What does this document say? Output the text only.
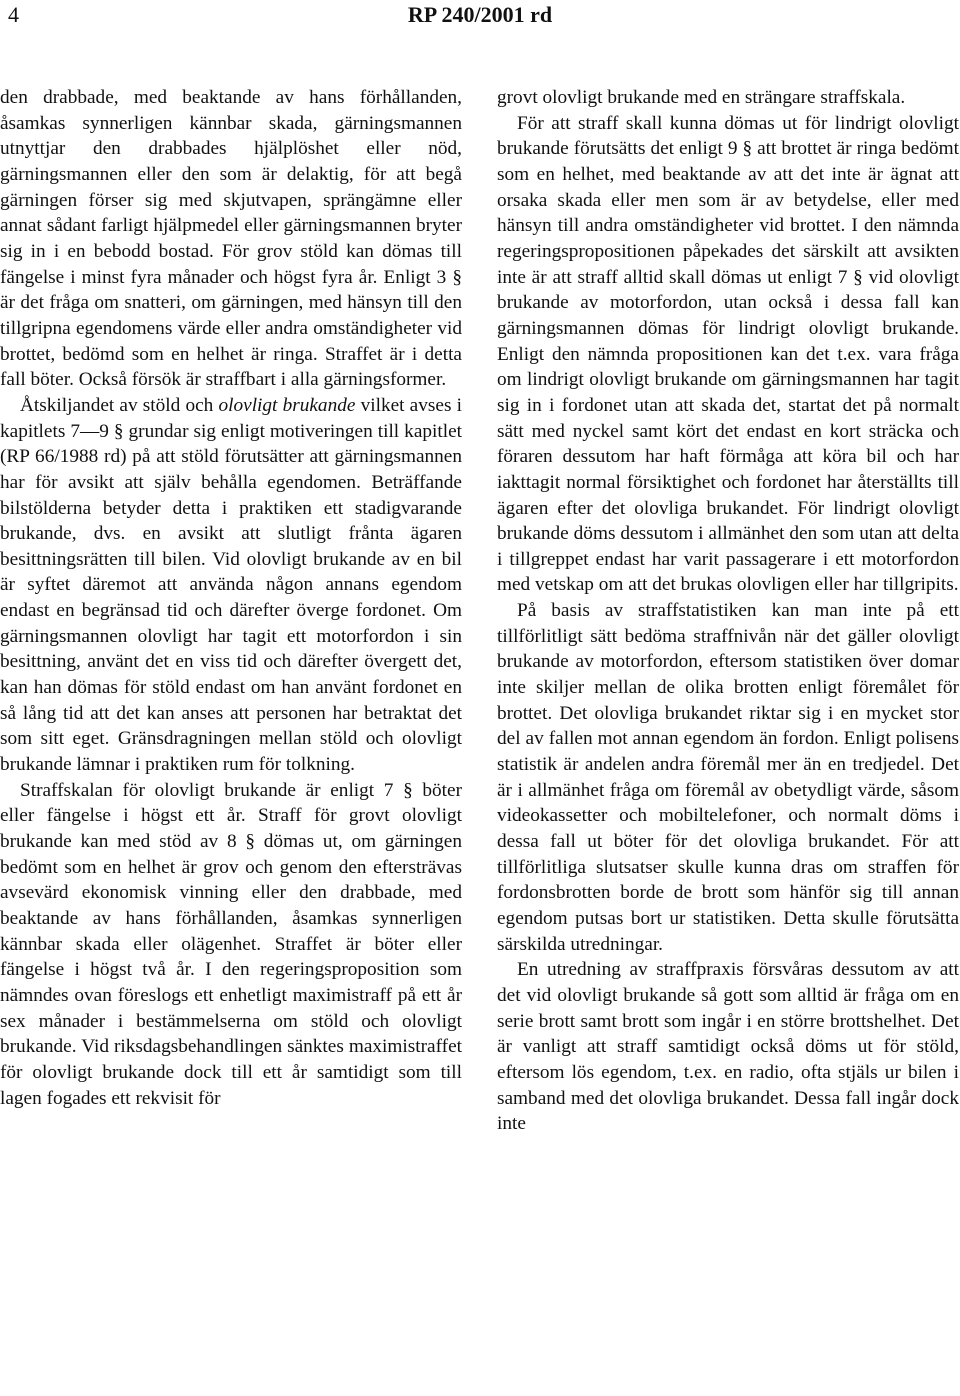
4	RP 240/2001 rd

den drabbade, med beaktande av hans förhållanden, åsamkas synnerligen kännbar skada, gärningsmannen utnyttjar den drabbades hjälplöshet eller nöd, gärningsmannen eller den som är delaktig, för att begå gärningen förser sig med skjutvapen, sprängämne eller annat sådant farligt hjälpmedel eller gärningsmannen bryter sig in i en bebodd bostad. För grov stöld kan dömas till fängelse i minst fyra månader och högst fyra år. Enligt 3 § är det fråga om snatteri, om gärningen, med hänsyn till den tillgripna egendomens värde eller andra omständigheter vid brottet, bedömd som en helhet är ringa. Straffet är i detta fall böter. Också försök är straffbart i alla gärningsformer.

Åtskiljandet av stöld och olovligt brukande vilket avses i kapitlets 7—9 § grundar sig enligt motiveringen till kapitlet (RP 66/1988 rd) på att stöld förutsätter att gärningsmannen har för avsikt att själv behålla egendomen. Beträffande bilstölderna betyder detta i praktiken ett stadigvarande brukande, dvs. en avsikt att slutligt frånta ägaren besittningsrätten till bilen. Vid olovligt brukande av en bil är syftet däremot att använda någon annans egendom endast en begränsad tid och därefter överge fordonet. Om gärningsmannen olovligt har tagit ett motorfordon i sin besittning, använt det en viss tid och därefter övergett det, kan han dömas för stöld endast om han använt fordonet en så lång tid att det kan anses att personen har betraktat det som sitt eget. Gränsdragningen mellan stöld och olovligt brukande lämnar i praktiken rum för tolkning.

Straffskalan för olovligt brukande är enligt 7 § böter eller fängelse i högst ett år. Straff för grovt olovligt brukande kan med stöd av 8 § dömas ut, om gärningen bedömt som en helhet är grov och genom den eftersträvas avsevärd ekonomisk vinning eller den drabbade, med beaktande av hans förhållanden, åsamkas synnerligen kännbar skada eller olägenhet. Straffet är böter eller fängelse i högst två år. I den regeringsproposition som nämndes ovan föreslogs ett enhetligt maximistraff på ett år sex månader i bestämmelserna om stöld och olovligt brukande. Vid riksdagsbehandlingen sänktes maximistraffet för olovligt brukande dock till ett år samtidigt som till lagen fogades ett rekvisit för

grovt olovligt brukande med en strängare straffskala.

För att straff skall kunna dömas ut för lindrigt olovligt brukande förutsätts det enligt 9 § att brottet är ringa bedömt som en helhet, med beaktande av att det inte är ägnat att orsaka skada eller men som är av betydelse, eller med hänsyn till andra omständigheter vid brottet. I den nämnda regeringspropositionen påpekades det särskilt att avsikten inte är att straff alltid skall dömas ut enligt 7 § vid olovligt brukande av motorfordon, utan också i dessa fall kan gärningsmannen dömas för lindrigt olovligt brukande. Enligt den nämnda propositionen kan det t.ex. vara fråga om lindrigt olovligt brukande om gärningsmannen har tagit sig in i fordonet utan att skada det, startat det på normalt sätt med nyckel samt kört det endast en kort sträcka och föraren dessutom har haft förmåga att köra bil och har iakttagit normal försiktighet och fordonet har återställts till ägaren efter det olovliga brukandet. För lindrigt olovligt brukande döms dessutom i allmänhet den som utan att delta i tillgreppet endast har varit passagerare i ett motorfordon med vetskap om att det brukas olovligen eller har tillgripits.

På basis av straffstatistiken kan man inte på ett tillförlitligt sätt bedöma straffnivån när det gäller olovligt brukande av motorfordon, eftersom statistiken över domar inte skiljer mellan de olika brotten enligt föremålet för brottet. Det olovliga brukandet riktar sig i en mycket stor del av fallen mot annan egendom än fordon. Enligt polisens statistik är andelen andra föremål mer än en tredjedel. Det är i allmänhet fråga om föremål av obetydligt värde, såsom videokassetter och mobiltelefoner, och normalt döms i dessa fall ut böter för det olovliga brukandet. För att tillförlitliga slutsatser skulle kunna dras om straffen för fordonsbrotten borde de brott som hänför sig till annan egendom putsas bort ur statistiken. Detta skulle förutsätta särskilda utredningar.

En utredning av straffpraxis försvåras dessutom av att det vid olovligt brukande så gott som alltid är fråga om en serie brott samt brott som ingår i en större brottshelhet. Det är vanligt att straff samtidigt också döms ut för stöld, eftersom lös egendom, t.ex. en radio, ofta stjäls ur bilen i samband med det olovliga brukandet. Dessa fall ingår dock inte
